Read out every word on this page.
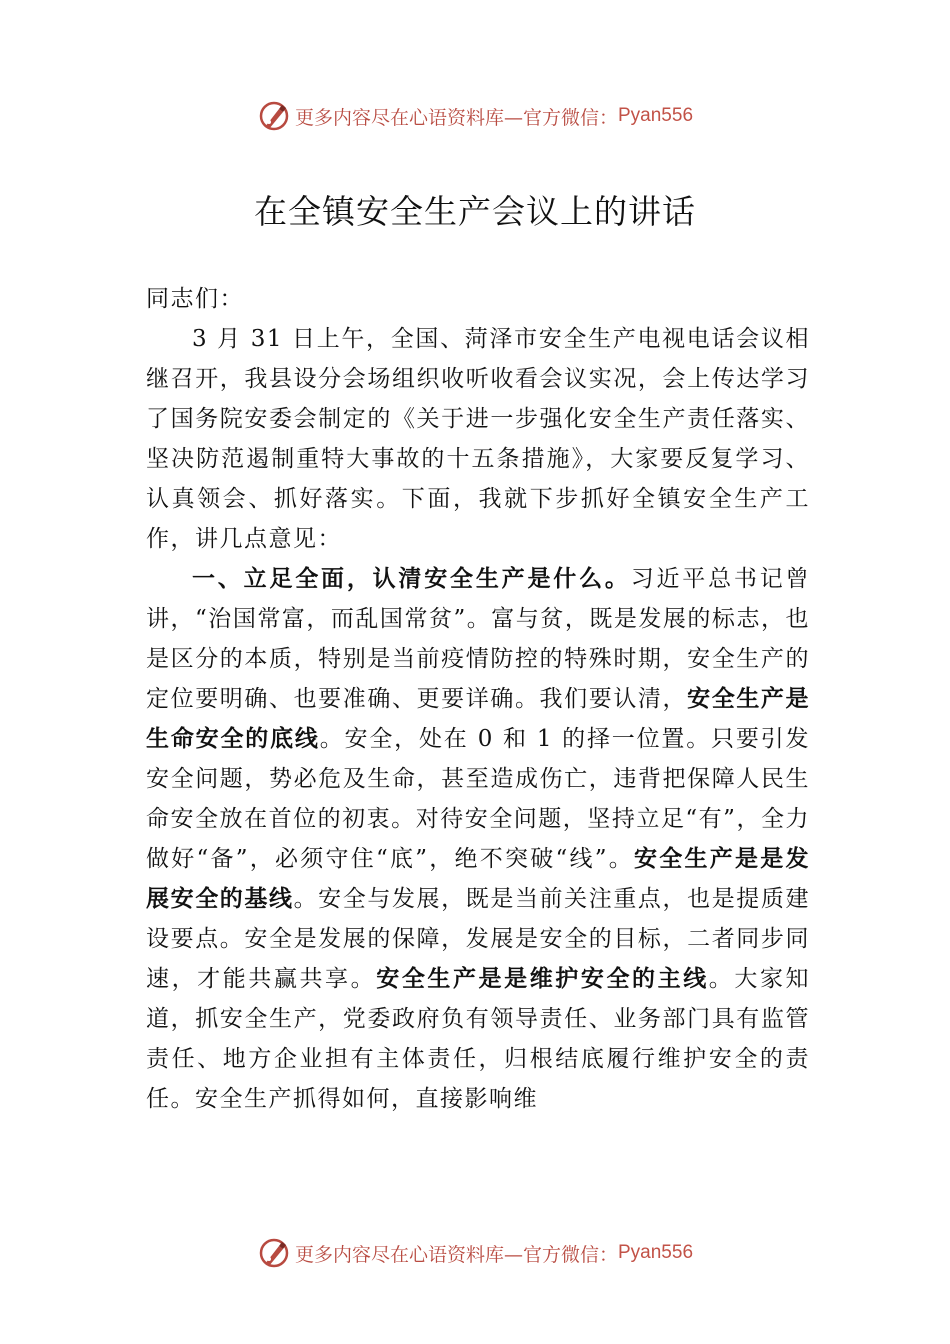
更多内容尽在心语资料库—官方微信： Pyan556
在全镇安全生产会议上的讲话

同志们：

3 月 31 日上午，全国、菏泽市安全生产电视电话会议相继召开，我县设分会场组织收听收看会议实况，会上传达学习了国务院安委会制定的《关于进一步强化安全生产责任落实、坚决防范遏制重特大事故的十五条措施》，大家要反复学习、认真领会、抓好落实。下面，我就下步抓好全镇安全生产工作，讲几点意见：

一、立足全面，认清安全生产是什么。习近平总书记曾讲，“治国常富，而乱国常贫”。富与贫，既是发展的标志，也是区分的本质，特别是当前疫情防控的特殊时期，安全生产的定位要明确、也要准确、更要详确。我们要认清，安全生产是生命安全的底线。安全，处在 0 和 1 的择一位置。只要引发安全问题，势必危及生命，甚至造成伤亡，违背把保障人民生命安全放在首位的初衷。对待安全问题，坚持立足“有”，全力做好“备”，必须守住“底”，绝不突破“线”。安全生产是是发展安全的基线。安全与发展，既是当前关注重点，也是提质建设要点。安全是发展的保障，发展是安全的目标，二者同步同速，才能共赢共享。安全生产是是维护安全的主线。大家知道，抓安全生产，党委政府负有领导责任、业务部门具有监管责任、地方企业担有主体责任，归根结底履行维护安全的责任。安全生产抓得如何，直接影响维

更多内容尽在心语资料库—官方微信： Pyan556
